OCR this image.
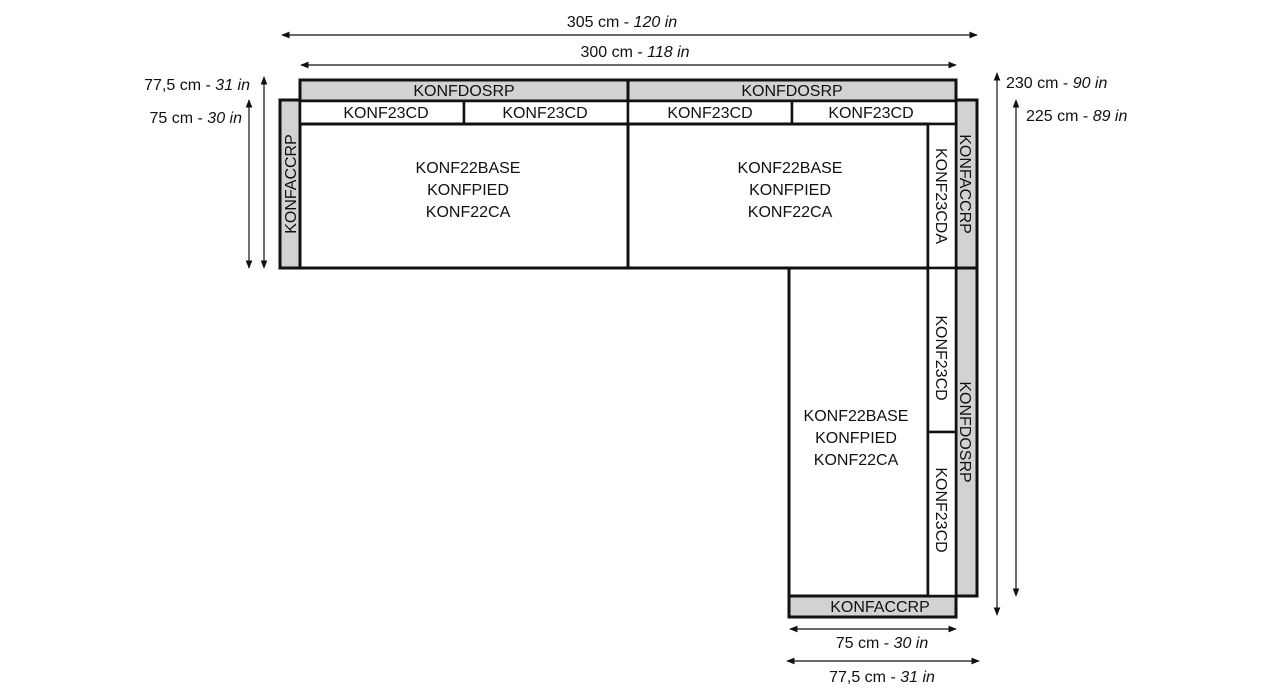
305 cm - 120 in
300 cm - 118 in
77,5 cm - 31 in
75 cm - 30 in
230 cm - 90 in
225 cm - 89 in
75 cm - 30 in
77,5 cm - 31 in
KONFDOSRP	KONFDOSRP
KONFACCRP	KONFACCRP
KONFDOSRP
KONFACCRP
KONF23CD	KONF23CD	KONF23CD	KONF23CD
KONF22BASE
KONFPIED
KONF22CA
KONF22BASE
KONFPIED
KONF22CA	KONF23CDA
KONF22BASE
KONFPIED
KONF22CA
KONF23CD
KONF23CD
